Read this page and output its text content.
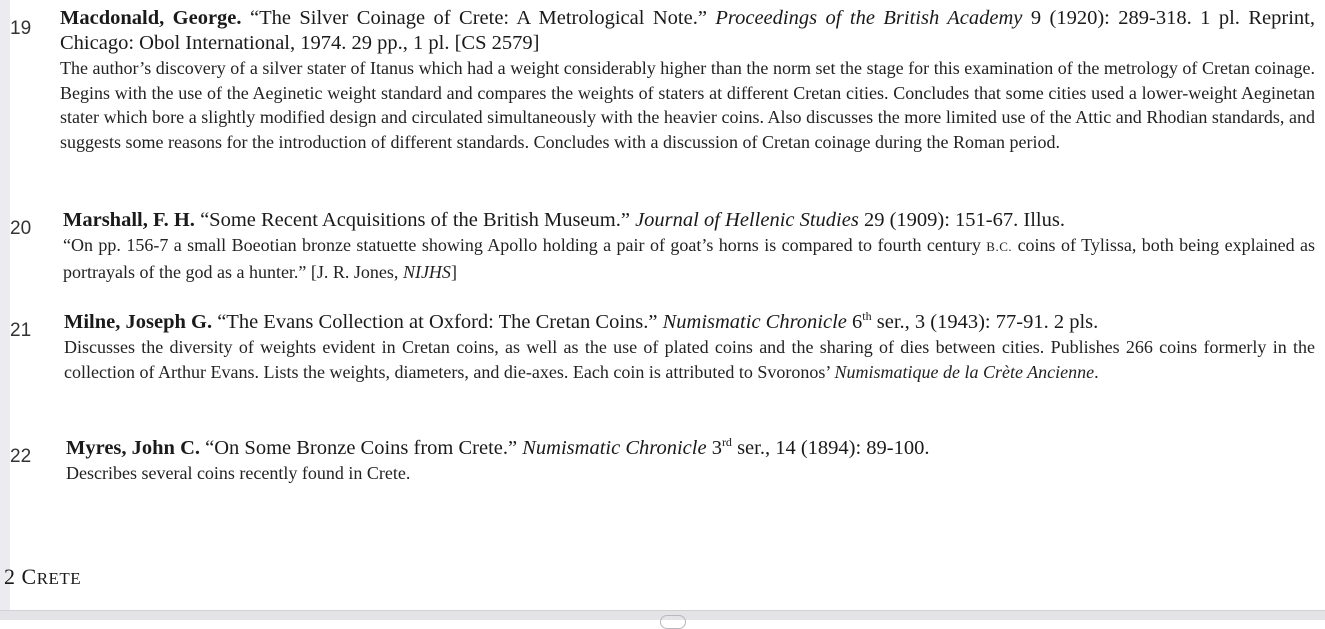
19 Macdonald, George. “The Silver Coinage of Crete: A Metrological Note.” Proceedings of the British Academy 9 (1920): 289-318. 1 pl. Reprint, Chicago: Obol International, 1974. 29 pp., 1 pl. [CS 2579]
The author’s discovery of a silver stater of Itanus which had a weight considerably higher than the norm set the stage for this examination of the metrology of Cretan coinage. Begins with the use of the Aeginetic weight standard and compares the weights of staters at different Cretan cities. Concludes that some cities used a lower-weight Aeginetan stater which bore a slightly modified design and circulated simultaneously with the heavier coins. Also discusses the more limited use of the Attic and Rhodian standards, and suggests some reasons for the introduction of different standards. Concludes with a discussion of Cretan coinage during the Roman period.
20 Marshall, F. H. “Some Recent Acquisitions of the British Museum.” Journal of Hellenic Studies 29 (1909): 151-67. Illus.
“On pp. 156-7 a small Boeotian bronze statuette showing Apollo holding a pair of goat’s horns is compared to fourth century B.C. coins of Tylissa, both being explained as portrayals of the god as a hunter.” [J. R. Jones, NIJHS]
21 Milne, Joseph G. “The Evans Collection at Oxford: The Cretan Coins.” Numismatic Chronicle 6th ser., 3 (1943): 77-91. 2 pls.
Discusses the diversity of weights evident in Cretan coins, as well as the use of plated coins and the sharing of dies between cities. Publishes 266 coins formerly in the collection of Arthur Evans. Lists the weights, diameters, and die-axes. Each coin is attributed to Svoronos’ Numismatique de la Crète Ancienne.
22 Myres, John C. “On Some Bronze Coins from Crete.” Numismatic Chronicle 3rd ser., 14 (1894): 89-100.
Describes several coins recently found in Crete.
2 CRETE
